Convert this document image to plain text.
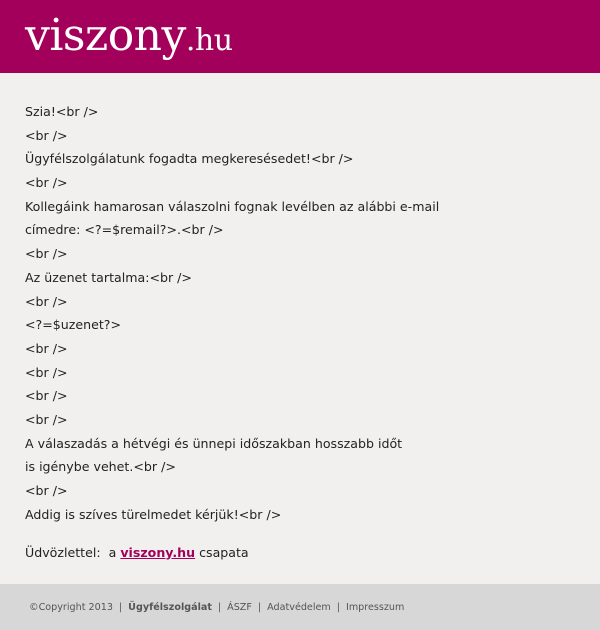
viszony.hu
Szia!<br />
<br />
Ügyfélszolgálatunk fogadta megkeresésedet!<br />
<br />
Kollegáink hamarosan válaszolni fognak levélben az alábbi e-mail
címedre: <?=$remail?>.<br />
<br />
Az üzenet tartalma:<br />
<br />
<?=$uzenet?>
<br />
<br />
<br />
<br />
A válaszadás a hétvégi és ünnepi időszakban hosszabb időt
is igénybe vehet.<br />
<br />
Addig is szíves türelmedet kérjük!<br />
Üdvözlettel:  a viszony.hu csapata
©Copyright 2013 | Ügyfélszolgálat | ÁSZF | Adatvédelem | Impresszum
